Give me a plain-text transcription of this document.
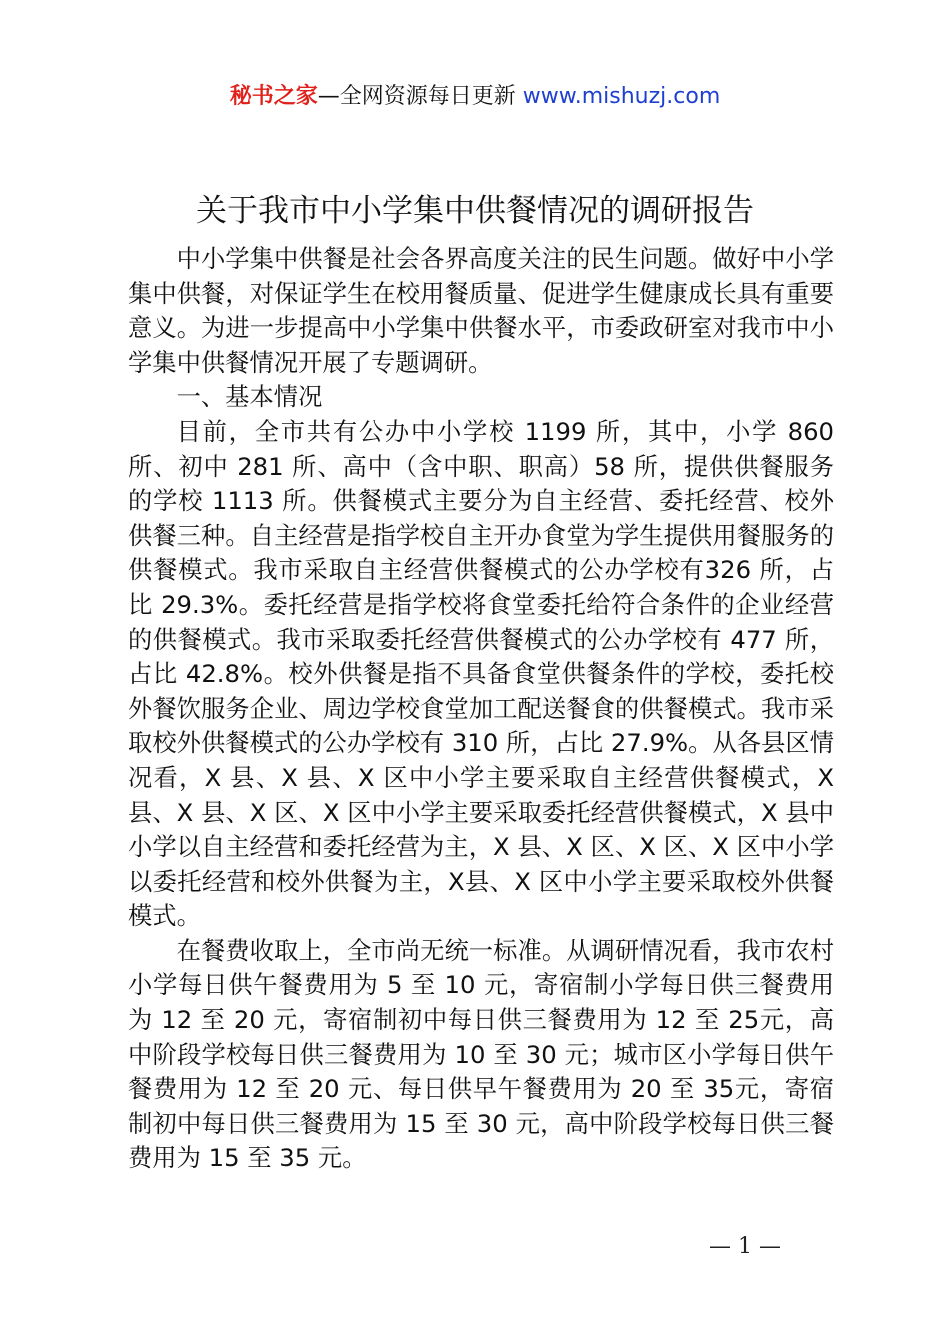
秘书之家—全网资源每日更新 www.mishuzj.com
关于我市中小学集中供餐情况的调研报告

中小学集中供餐是社会各界高度关注的民生问题。做好中小学集中供餐，对保证学生在校用餐质量、促进学生健康成长具有重要意义。为进一步提高中小学集中供餐水平，市委政研室对我市中小学集中供餐情况开展了专题调研。

一、基本情况

目前，全市共有公办中小学校 1199 所，其中，小学 860所、初中 281 所、高中（含中职、职高）58 所，提供供餐服务的学校 1113 所。供餐模式主要分为自主经营、委托经营、校外供餐三种。自主经营是指学校自主开办食堂为学生提供用餐服务的供餐模式。我市采取自主经营供餐模式的公办学校有326 所，占比 29.3%。委托经营是指学校将食堂委托给符合条件的企业经营的供餐模式。我市采取委托经营供餐模式的公办学校有 477 所，占比 42.8%。校外供餐是指不具备食堂供餐条件的学校，委托校外餐饮服务企业、周边学校食堂加工配送餐食的供餐模式。我市采取校外供餐模式的公办学校有 310 所，占比 27.9%。从各县区情况看，X 县、X 县、X 区中小学主要采取自主经营供餐模式，X 县、X 县、X 区、X 区中小学主要采取委托经营供餐模式，X 县中小学以自主经营和委托经营为主，X 县、X 区、X 区、X 区中小学以委托经营和校外供餐为主，X县、X 区中小学主要采取校外供餐模式。

在餐费收取上，全市尚无统一标准。从调研情况看，我市农村小学每日供午餐费用为 5 至 10 元，寄宿制小学每日供三餐费用为 12 至 20 元，寄宿制初中每日供三餐费用为 12 至 25元，高中阶段学校每日供三餐费用为 10 至 30 元；城市区小学每日供午餐费用为 12 至 20 元、每日供早午餐费用为 20 至 35元，寄宿制初中每日供三餐费用为 15 至 30 元，高中阶段学校每日供三餐费用为 15 至 35 元。

— 1 —
